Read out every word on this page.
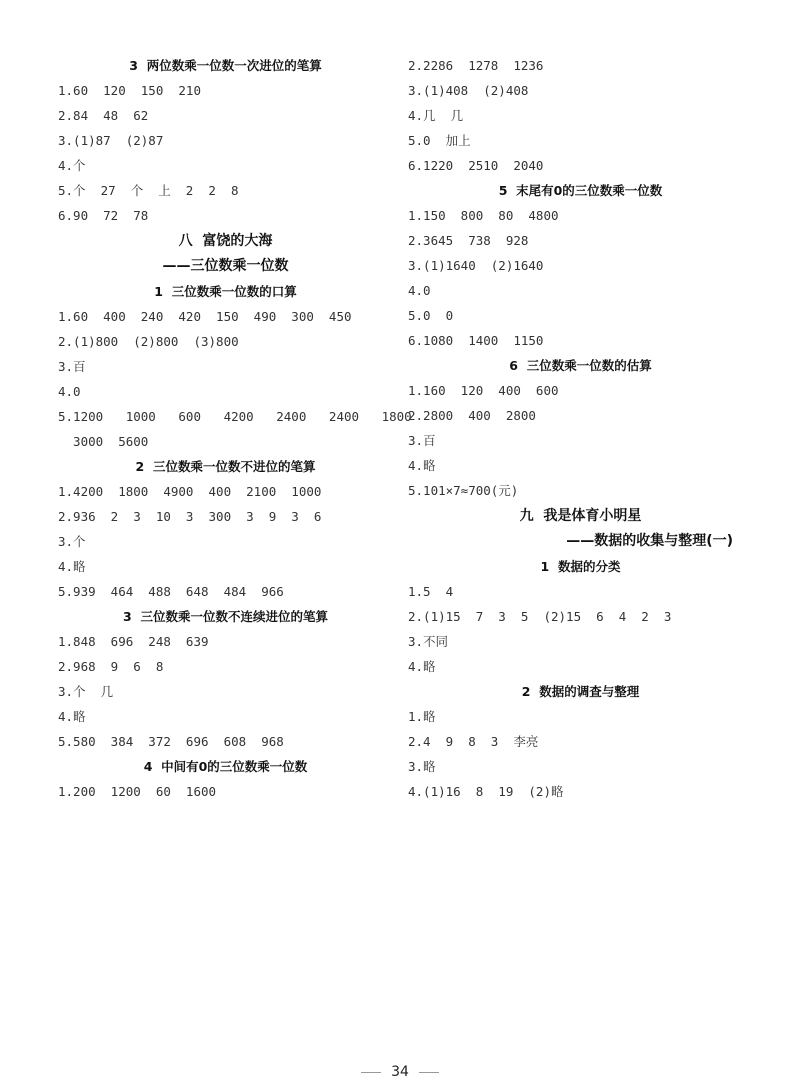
3  两位数乘一位数一次进位的笔算
1.60  120  150  210
2.84  48  62
3.(1)87  (2)87
4.个
5.个  27  个  上  2  2  8
6.90  72  78
八  富饶的大海
——三位数乘一位数
1  三位数乘一位数的口算
1.60  400  240  420  150  490  300  450
2.(1)800  (2)800  (3)800
3.百
4.0
5.1200   1000   600   4200   2400   2400   1800
3000  5600
2  三位数乘一位数不进位的笔算
1.4200  1800  4900  400  2100  1000
2.936  2  3  10  3  300  3  9  3  6
3.个
4.略
5.939  464  488  648  484  966
3  三位数乘一位数不连续进位的笔算
1.848  696  248  639
2.968  9  6  8
3.个  几
4.略
5.580  384  372  696  608  968
4  中间有0的三位数乘一位数
1.200  1200  60  1600
2.2286  1278  1236
3.(1)408  (2)408
4.几  几
5.0  加上
6.1220  2510  2040
5  末尾有0的三位数乘一位数
1.150  800  80  4800
2.3645  738  928
3.(1)1640  (2)1640
4.0
5.0  0
6.1080  1400  1150
6  三位数乘一位数的估算
1.160  120  400  600
2.2800  400  2800
3.百
4.略
5.101×7≈700(元)
九  我是体育小明星
——数据的收集与整理(一)
1  数据的分类
1.5  4
2.(1)15  7  3  5  (2)15  6  4  2  3
3.不同
4.略
2  数据的调查与整理
1.略
2.4  9  8  3  李亮
3.略
4.(1)16  8  19  (2)略
34
